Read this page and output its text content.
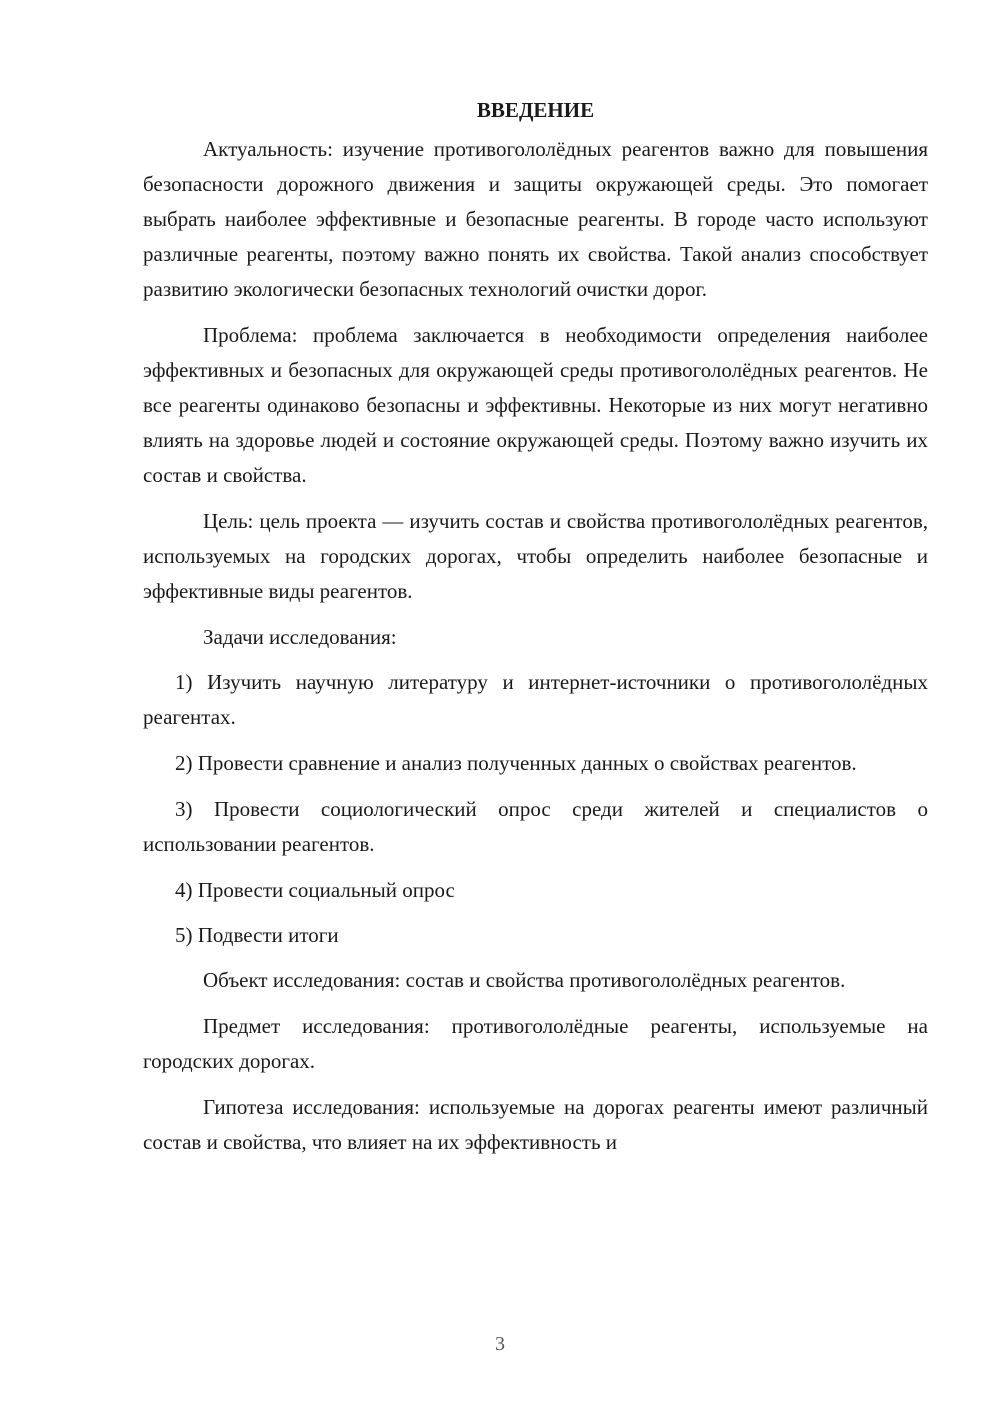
ВВЕДЕНИЕ

Актуальность: изучение противогололёдных реагентов важно для повышения безопасности дорожного движения и защиты окружающей среды. Это помогает выбрать наиболее эффективные и безопасные реагенты. В городе часто используют различные реагенты, поэтому важно понять их свойства. Такой анализ способствует развитию экологически безопасных технологий очистки дорог.

Проблема: проблема заключается в необходимости определения наиболее эффективных и безопасных для окружающей среды противогололёдных реагентов. Не все реагенты одинаково безопасны и эффективны. Некоторые из них могут негативно влиять на здоровье людей и состояние окружающей среды. Поэтому важно изучить их состав и свойства.

Цель: цель проекта — изучить состав и свойства противогололёдных реагентов, используемых на городских дорогах, чтобы определить наиболее безопасные и эффективные виды реагентов.

Задачи исследования:

1) Изучить научную литературу и интернет-источники о противогололёдных реагентах.

2) Провести сравнение и анализ полученных данных о свойствах реагентов.

3) Провести социологический опрос среди жителей и специалистов о использовании реагентов.

4) Провести социальный опрос

5) Подвести итоги

Объект исследования: состав и свойства противогололёдных реагентов.

Предмет исследования: противогололёдные реагенты, используемые на городских дорогах.

Гипотеза исследования: используемые на дорогах реагенты имеют различный состав и свойства, что влияет на их эффективность и

3
